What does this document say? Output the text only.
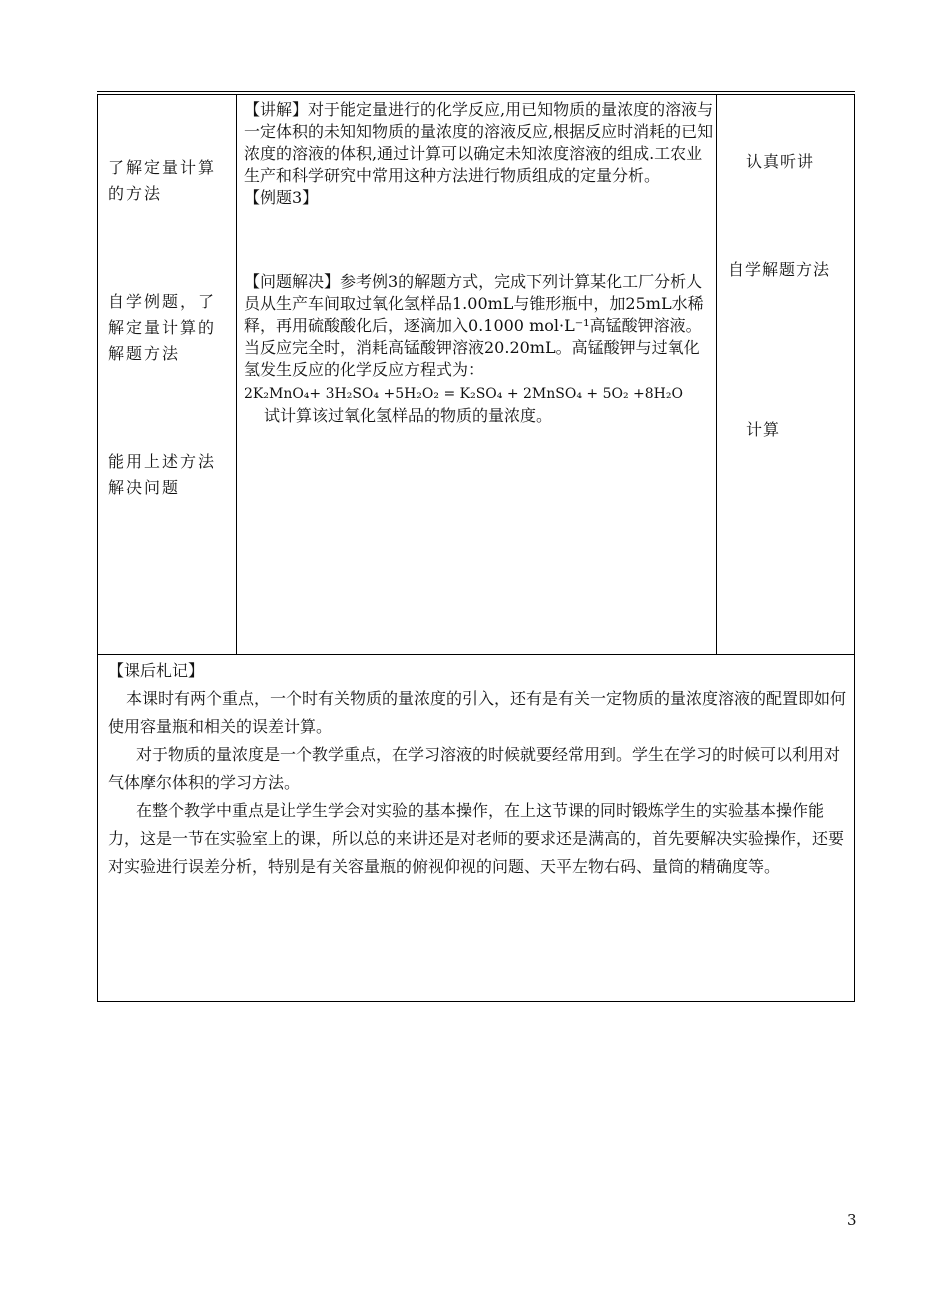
了解定量计算的方法
自学例题，了解定量计算的解题方法
能用上述方法解决问题

【讲解】对于能定量进行的化学反应,用已知物质的量浓度的溶液与一定体积的未知知物质的量浓度的溶液反应,根据反应时消耗的已知浓度的溶液的体积,通过计算可以确定未知浓度溶液的组成.工农业生产和科学研究中常用这种方法进行物质组成的定量分析。

【例题3】

【问题解决】参考例3的解题方式，完成下列计算某化工厂分析人员从生产车间取过氧化氢样品1.00mL与锥形瓶中，加25mL水稀释，再用硫酸酸化后，逐滴加入0.1000 mol·L⁻¹高锰酸钾溶液。当反应完全时，消耗高锰酸钾溶液20.20mL。高锰酸钾与过氧化氢发生反应的化学反应方程式为：

2K₂MnO₄+ 3H₂SO₄ +5H₂O₂ = K₂SO₄ + 2MnSO₄ + 5O₂ +8H₂O

试计算该过氧化氢样品的物质的量浓度。

认真听讲
自学解题方法
计算

【课后札记】

本课时有两个重点，一个时有关物质的量浓度的引入，还有是有关一定物质的量浓度溶液的配置即如何使用容量瓶和相关的误差计算。

对于物质的量浓度是一个教学重点，在学习溶液的时候就要经常用到。学生在学习的时候可以利用对气体摩尔体积的学习方法。

在整个教学中重点是让学生学会对实验的基本操作，在上这节课的同时锻炼学生的实验基本操作能力，这是一节在实验室上的课，所以总的来讲还是对老师的要求还是满高的，首先要解决实验操作，还要对实验进行误差分析，特别是有关容量瓶的俯视仰视的问题、天平左物右码、量筒的精确度等。

3
